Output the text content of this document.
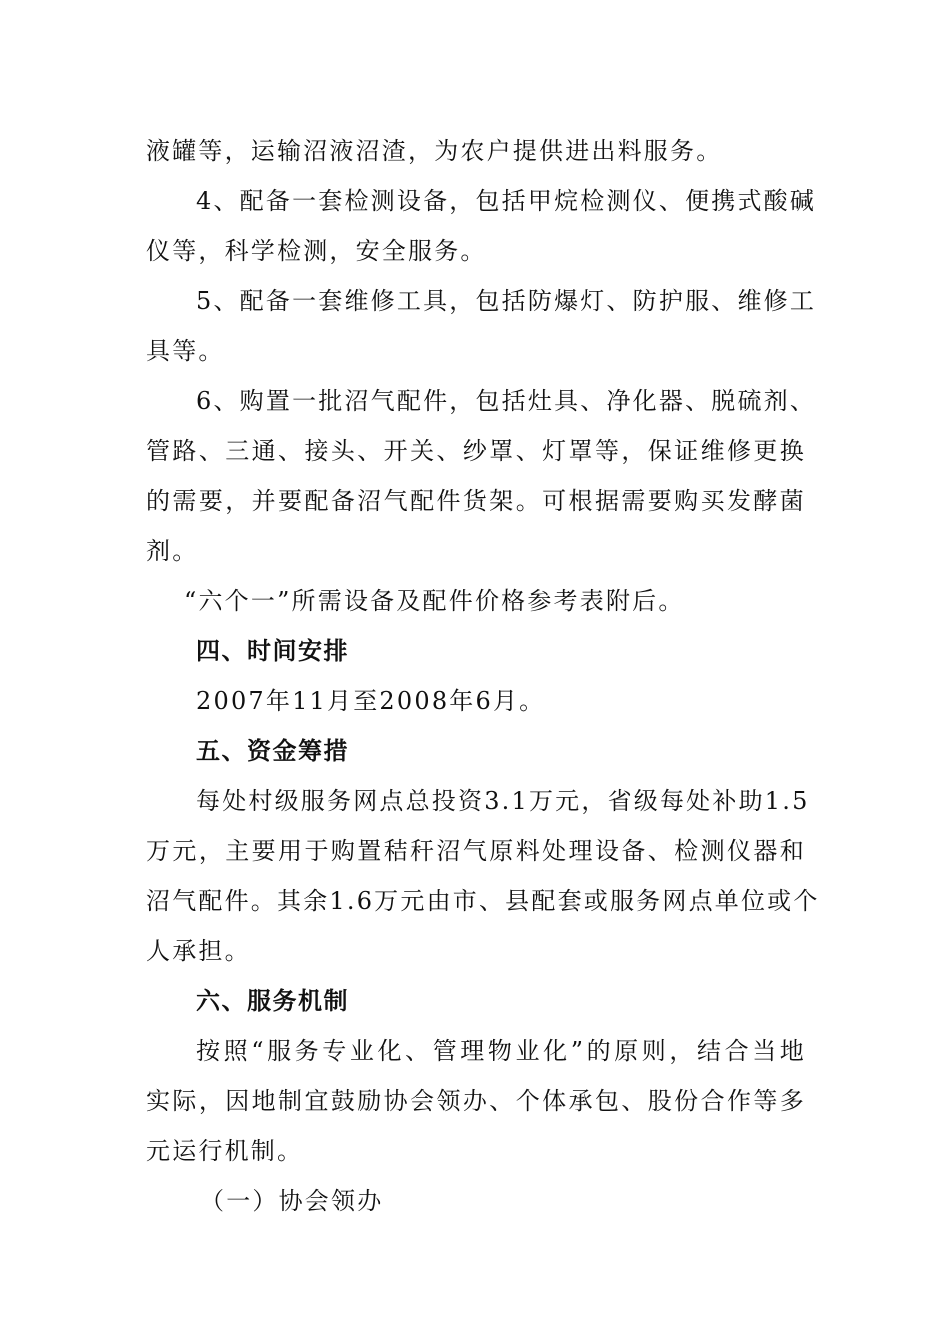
液罐等，运输沼液沼渣，为农户提供进出料服务。
4、配备一套检测设备，包括甲烷检测仪、便携式酸碱
仪等，科学检测，安全服务。
5、配备一套维修工具，包括防爆灯、防护服、维修工
具等。
6、购置一批沼气配件，包括灶具、净化器、脱硫剂、
管路、三通、接头、开关、纱罩、灯罩等，保证维修更换
的需要，并要配备沼气配件货架。可根据需要购买发酵菌
剂。
“六个一”所需设备及配件价格参考表附后。
四、时间安排
2007年11月至2008年6月。
五、资金筹措
每处村级服务网点总投资3.1万元，省级每处补助1.5
万元，主要用于购置秸秆沼气原料处理设备、检测仪器和
沼气配件。其余1.6万元由市、县配套或服务网点单位或个
人承担。
六、服务机制
按照“服务专业化、管理物业化”的原则，结合当地
实际，因地制宜鼓励协会领办、个体承包、股份合作等多
元运行机制。
（一）协会领办
